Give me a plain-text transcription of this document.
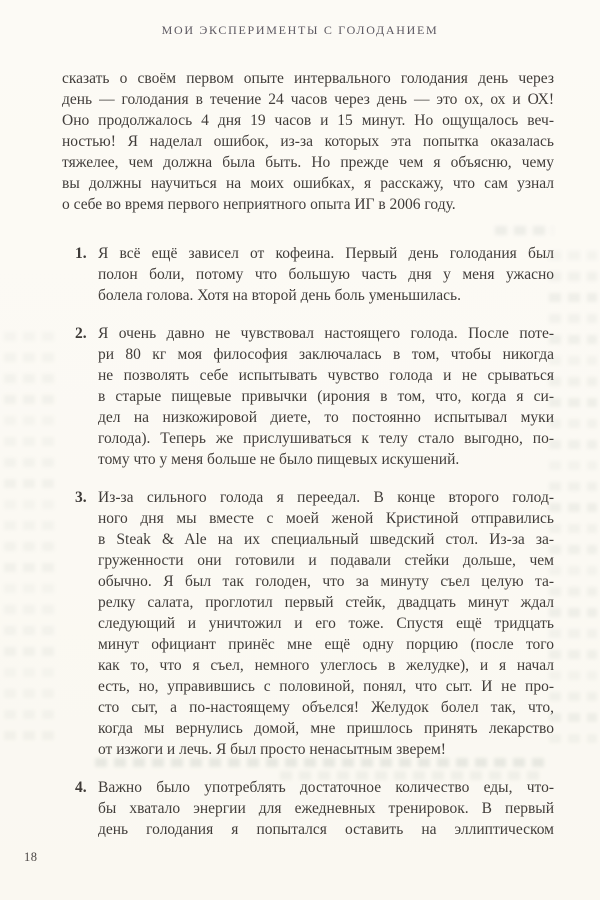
МОИ ЭКСПЕРИМЕНТЫ С ГОЛОДАНИЕМ

сказать о своём первом опыте интервального голодания день через
день — голодания в течение 24 часов через день — это ох, ох и ОХ!
Оно продолжалось 4 дня 19 часов и 15 минут. Но ощущалось веч-
ностью! Я наделал ошибок, из-за которых эта попытка оказалась
тяжелее, чем должна была быть. Но прежде чем я объясню, чему
вы должны научиться на моих ошибках, я расскажу, что сам узнал
о себе во время первого неприятного опыта ИГ в 2006 году.

1. Я всё ещё зависел от кофеина. Первый день голодания был
полон боли, потому что большую часть дня у меня ужасно
болела голова. Хотя на второй день боль уменьшилась.
2. Я очень давно не чувствовал настоящего голода. После поте-
ри 80 кг моя философия заключалась в том, чтобы никогда
не позволять себе испытывать чувство голода и не срываться
в старые пищевые привычки (ирония в том, что, когда я си-
дел на низкожировой диете, то постоянно испытывал муки
голода). Теперь же прислушиваться к телу стало выгодно, по-
тому что у меня больше не было пищевых искушений.
3. Из-за сильного голода я переедал. В конце второго голод-
ного дня мы вместе с моей женой Кристиной отправились
в Steak & Ale на их специальный шведский стол. Из-за за-
груженности они готовили и подавали стейки дольше, чем
обычно. Я был так голоден, что за минуту съел целую та-
релку салата, проглотил первый стейк, двадцать минут ждал
следующий и уничтожил и его тоже. Спустя ещё тридцать
минут официант принёс мне ещё одну порцию (после того
как то, что я съел, немного улеглось в желудке), и я начал
есть, но, управившись с половиной, понял, что сыт. И не про-
сто сыт, а по-настоящему объелся! Желудок болел так, что,
когда мы вернулись домой, мне пришлось принять лекарство
от изжоги и лечь. Я был просто ненасытным зверем!
4. Важно было употреблять достаточное количество еды, что-
бы хватало энергии для ежедневных тренировок. В первый
день голодания я попытался оставить на эллиптическом
18
